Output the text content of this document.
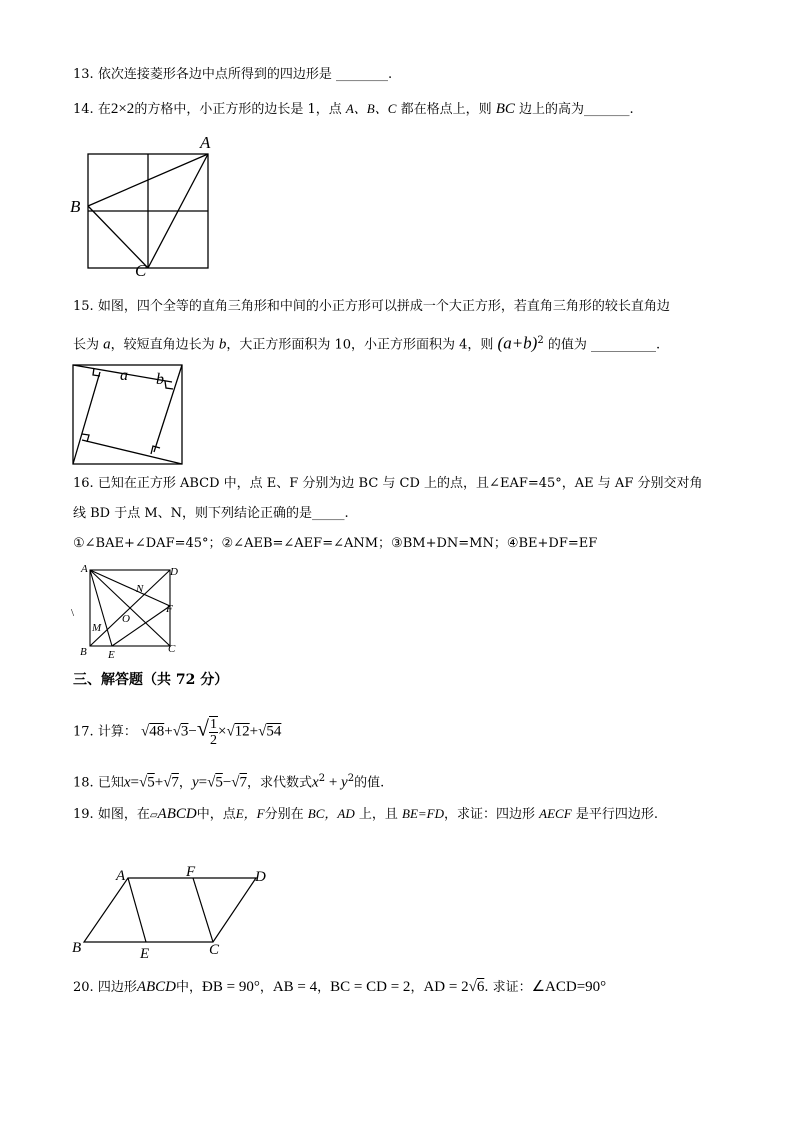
13. 依次连接菱形各边中点所得到的四边形是 ________.
14. 在2×2的方格中，小正方形的边长是 1，点 A、B、C 都在格点上，则 BC 边上的高为_______.
A
B
C
15. 如图，四个全等的直角三角形和中间的小正方形可以拼成一个大正方形，若直角三角形的较长直角边
长为 a，较短直角边长为 b，大正方形面积为 10，小正方形面积为 4，则 $(a+b)^2$ 的值为 __________.
a b
16. 已知在正方形 ABCD 中，点 E、F 分别为边 BC 与 CD 上的点，且∠EAF=45°，AE 与 AF 分别交对角
线 BD 于点 M、N，则下列结论正确的是_____.
①∠BAE+∠DAF=45°；②∠AEB=∠AEF=∠ANM；③BM+DN=MN；④BE+DF=EF
A	D
N
F
O
M
B E	C
\
三、解答题（共 72 分）
17. 计算： $√48+√3-√ \frac{1}{2} \times√12+√54$
18. 已知x=√5+√7，y=√5−√7，求代数式$x^2 + y^2$的值.
19. 如图，在▱ABCD中，点E，F分别在 BC，AD 上，且 BE=FD，求证：四边形 AECF 是平行四边形.
A	F	D
B	E	C
20. 四边形ABCD中，ÐB = 90°，AB = 4，BC = CD = 2，AD = 2√6. 求证：∠ACD=90°
